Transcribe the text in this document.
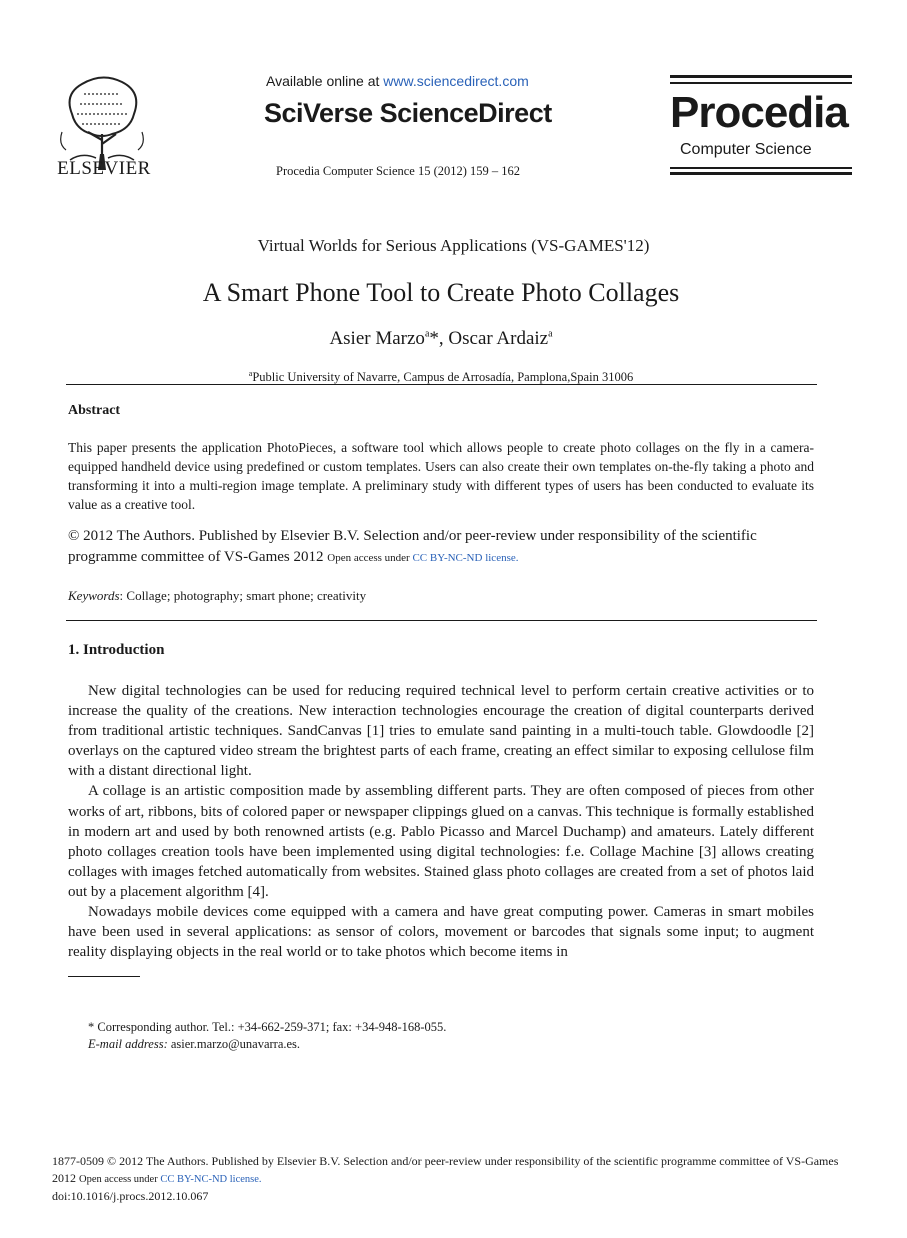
ELSEVIER
Available online at www.sciencedirect.com
SciVerse ScienceDirect
Procedia Computer Science 15 (2012) 159 – 162
Procedia
Computer Science
Virtual Worlds for Serious Applications (VS-GAMES'12)
A Smart Phone Tool to Create Photo Collages
Asier Marzo$^a$*, Oscar Ardaiz$^a$
$^a$Public University of Navarre, Campus de Arrosadía, Pamplona,Spain 31006
Abstract
This paper presents the application PhotoPieces, a software tool which allows people to create photo collages on the fly in a camera-equipped handheld device using predefined or custom templates. Users can also create their own templates on-the-fly taking a photo and transforming it into a multi-region image template. A preliminary study with different types of users has been conducted to evaluate its value as a creative tool.
© 2012 The Authors. Published by Elsevier B.V. Selection and/or peer-review under responsibility of the scientific programme committee of VS-Games 2012 Open access under CC BY-NC-ND license.
Keywords: Collage; photography; smart phone; creativity
1. Introduction

New digital technologies can be used for reducing required technical level to perform certain creative activities or to increase the quality of the creations. New interaction technologies encourage the creation of digital counterparts derived from traditional artistic techniques. SandCanvas [1] tries to emulate sand painting in a multi-touch table. Glowdoodle [2] overlays on the captured video stream the brightest parts of each frame, creating an effect similar to exposing cellulose film with a distant directional light.

A collage is an artistic composition made by assembling different parts. They are often composed of pieces from other works of art, ribbons, bits of colored paper or newspaper clippings glued on a canvas. This technique is formally established in modern art and used by both renowned artists (e.g. Pablo Picasso and Marcel Duchamp) and amateurs. Lately different photo collages creation tools have been implemented using digital technologies: f.e. Collage Machine [3] allows creating collages with images fetched automatically from websites. Stained glass photo collages are created from a set of photos laid out by a placement algorithm [4].

Nowadays mobile devices come equipped with a camera and have great computing power. Cameras in smart mobiles have been used in several applications: as sensor of colors, movement or barcodes that signals some input; to augment reality displaying objects in the real world or to take photos which become items in

* Corresponding author. Tel.: +34-662-259-371; fax: +34-948-168-055.
E-mail address: asier.marzo@unavarra.es.
1877-0509 © 2012 The Authors. Published by Elsevier B.V. Selection and/or peer-review under responsibility of the scientific programme committee of VS-Games 2012 Open access under CC BY-NC-ND license.
doi:10.1016/j.procs.2012.10.067
